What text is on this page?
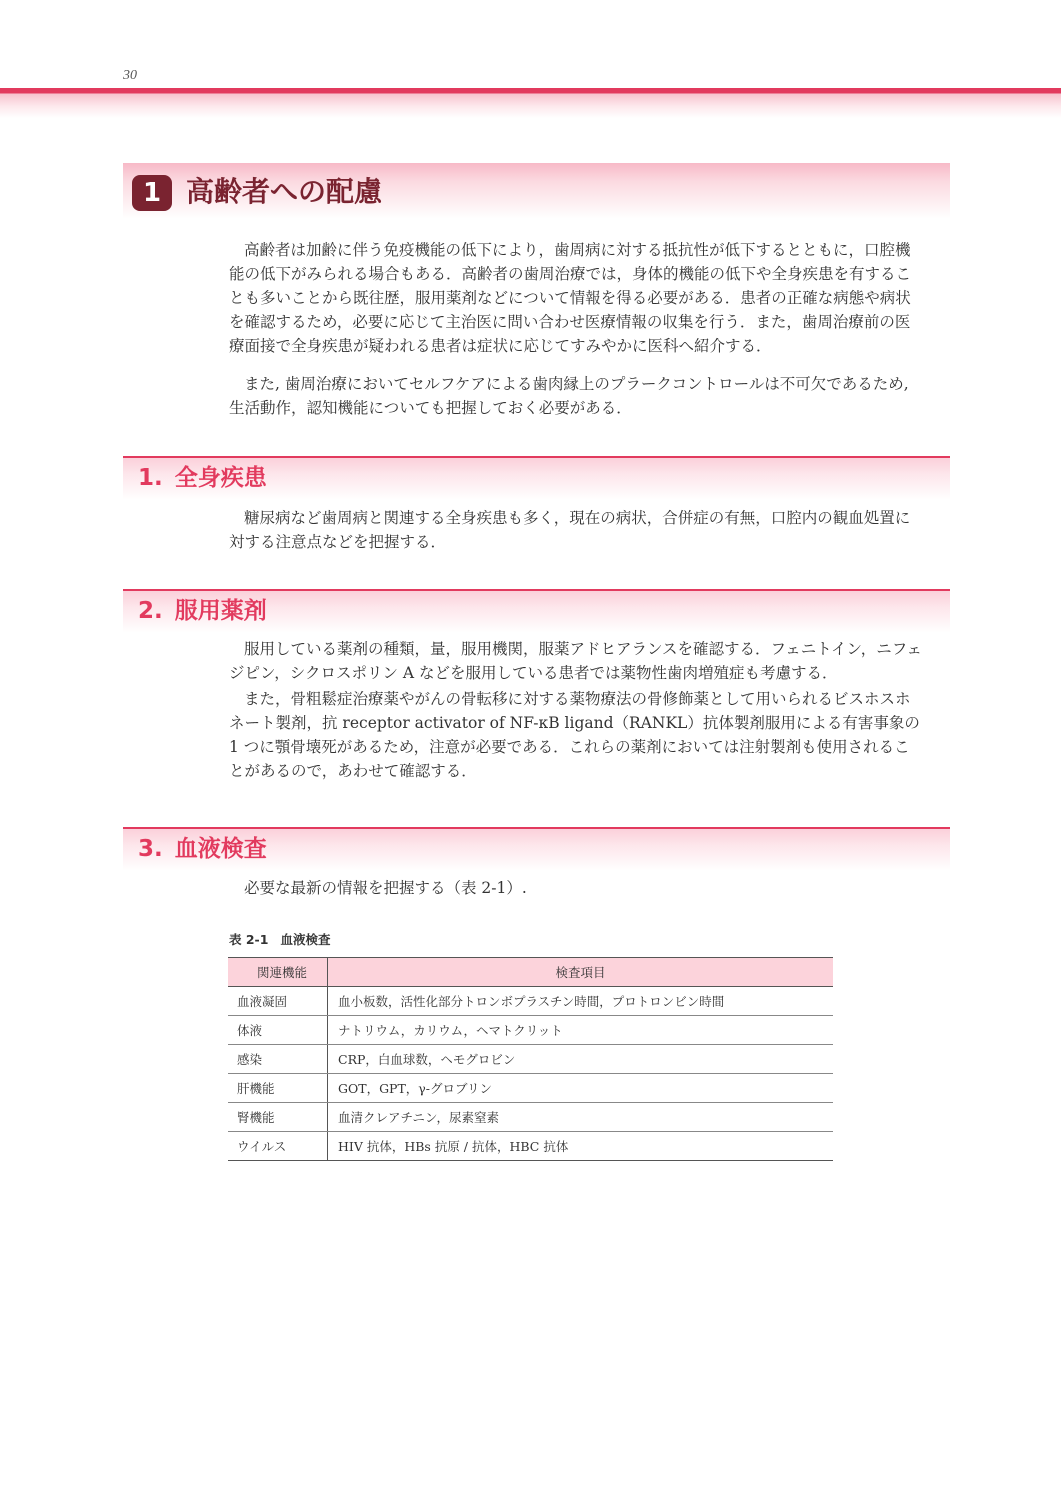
30
1 高齢者への配慮
高齢者は加齢に伴う免疫機能の低下により，歯周病に対する抵抗性が低下するとともに，口腔機
能の低下がみられる場合もある．高齢者の歯周治療では，身体的機能の低下や全身疾患を有するこ
とも多いことから既往歴，服用薬剤などについて情報を得る必要がある．患者の正確な病態や病状
を確認するため，必要に応じて主治医に問い合わせ医療情報の収集を行う．また，歯周治療前の医
療面接で全身疾患が疑われる患者は症状に応じてすみやかに医科へ紹介する．
また, 歯周治療においてセルフケアによる歯肉縁上のプラークコントロールは不可欠であるため,
生活動作，認知機能についても把握しておく必要がある．
1. 全身疾患
糖尿病など歯周病と関連する全身疾患も多く，現在の病状，合併症の有無，口腔内の観血処置に
対する注意点などを把握する．
2. 服用薬剤
服用している薬剤の種類，量，服用機関，服薬アドヒアランスを確認する．フェニトイン，ニフェ
ジピン，シクロスポリン A などを服用している患者では薬物性歯肉増殖症も考慮する．
また，骨粗鬆症治療薬やがんの骨転移に対する薬物療法の骨修飾薬として用いられるビスホスホ
ネート製剤，抗 receptor activator of NF-κB ligand（RANKL）抗体製剤服用による有害事象の
1 つに顎骨壊死があるため，注意が必要である．これらの薬剤においては注射製剤も使用されるこ
とがあるので，あわせて確認する．
3. 血液検査
必要な最新の情報を把握する（表 2-1）.
表 2-1 血液検査
関連機能	検査項目
血液凝固	血小板数，活性化部分トロンボプラスチン時間，プロトロンビン時間
体液	ナトリウム，カリウム，ヘマトクリット
感染	CRP，白血球数，ヘモグロビン
肝機能	GOT，GPT，γ-グロブリン
腎機能	血清クレアチニン，尿素窒素
ウイルス	HIV 抗体，HBs 抗原 / 抗体，HBC 抗体
